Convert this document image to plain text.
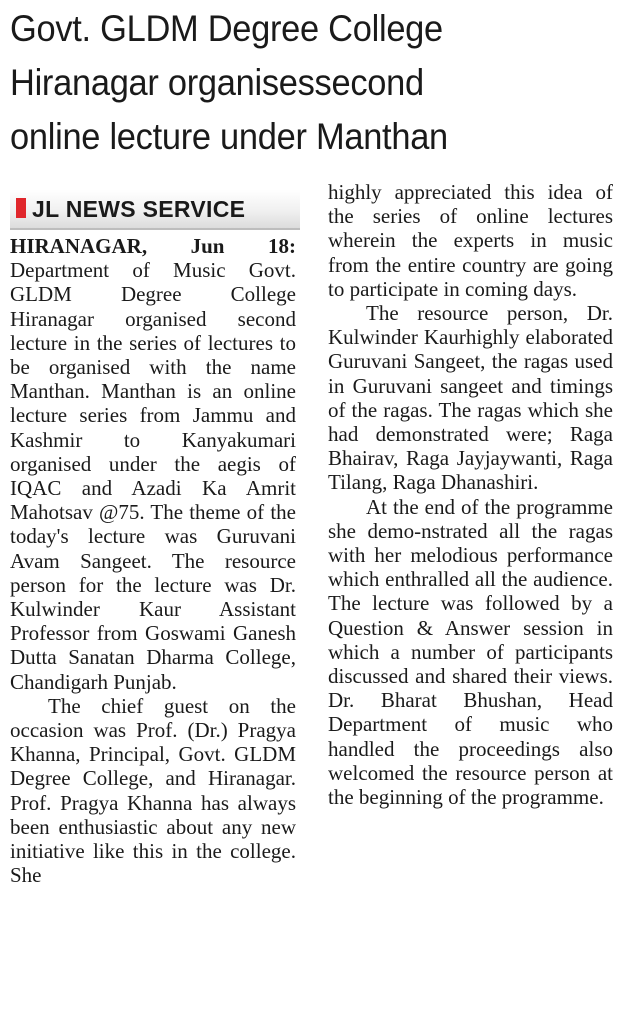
Govt. GLDM Degree College
Hiranagar organisessecond
online lecture under Manthan
JL NEWS SERVICE

HIRANAGAR, Jun 18: Department of Music Govt. GLDM Degree College Hiranagar organised second lecture in the series of lectures to be organised with the name Manthan. Manthan is an online lecture series from Jammu and Kashmir to Kanyakumari organised under the aegis of IQAC and Azadi Ka Amrit Mahotsav @75. The theme of the today's lecture was Guruvani Avam Sangeet. The resource person for the lecture was Dr. Kulwinder Kaur Assistant Professor from Goswami Ganesh Dutta Sanatan Dharma College, Chandigarh Punjab.

The chief guest on the occasion was Prof. (Dr.) Pragya Khanna, Principal, Govt. GLDM Degree College, and Hiranagar. Prof. Pragya Khanna has always been enthusiastic about any new initiative like this in the college. She

highly appreciated this idea of the series of online lectures wherein the experts in music from the entire country are going to participate in coming days.

The resource person, Dr. Kulwinder Kaurhighly elaborated Guruvani Sangeet, the ragas used in Guruvani sangeet and timings of the ragas. The ragas which she had demonstrated were; Raga Bhairav, Raga Jayjaywanti, Raga Tilang, Raga Dhanashiri.

At the end of the programme she demo-nstrated all the ragas with her melodious performance which enthralled all the audience. The lecture was followed by a Question & Answer session in which a number of participants discussed and shared their views. Dr. Bharat Bhushan, Head Department of music who handled the proceedings also welcomed the resource person at the beginning of the programme.
